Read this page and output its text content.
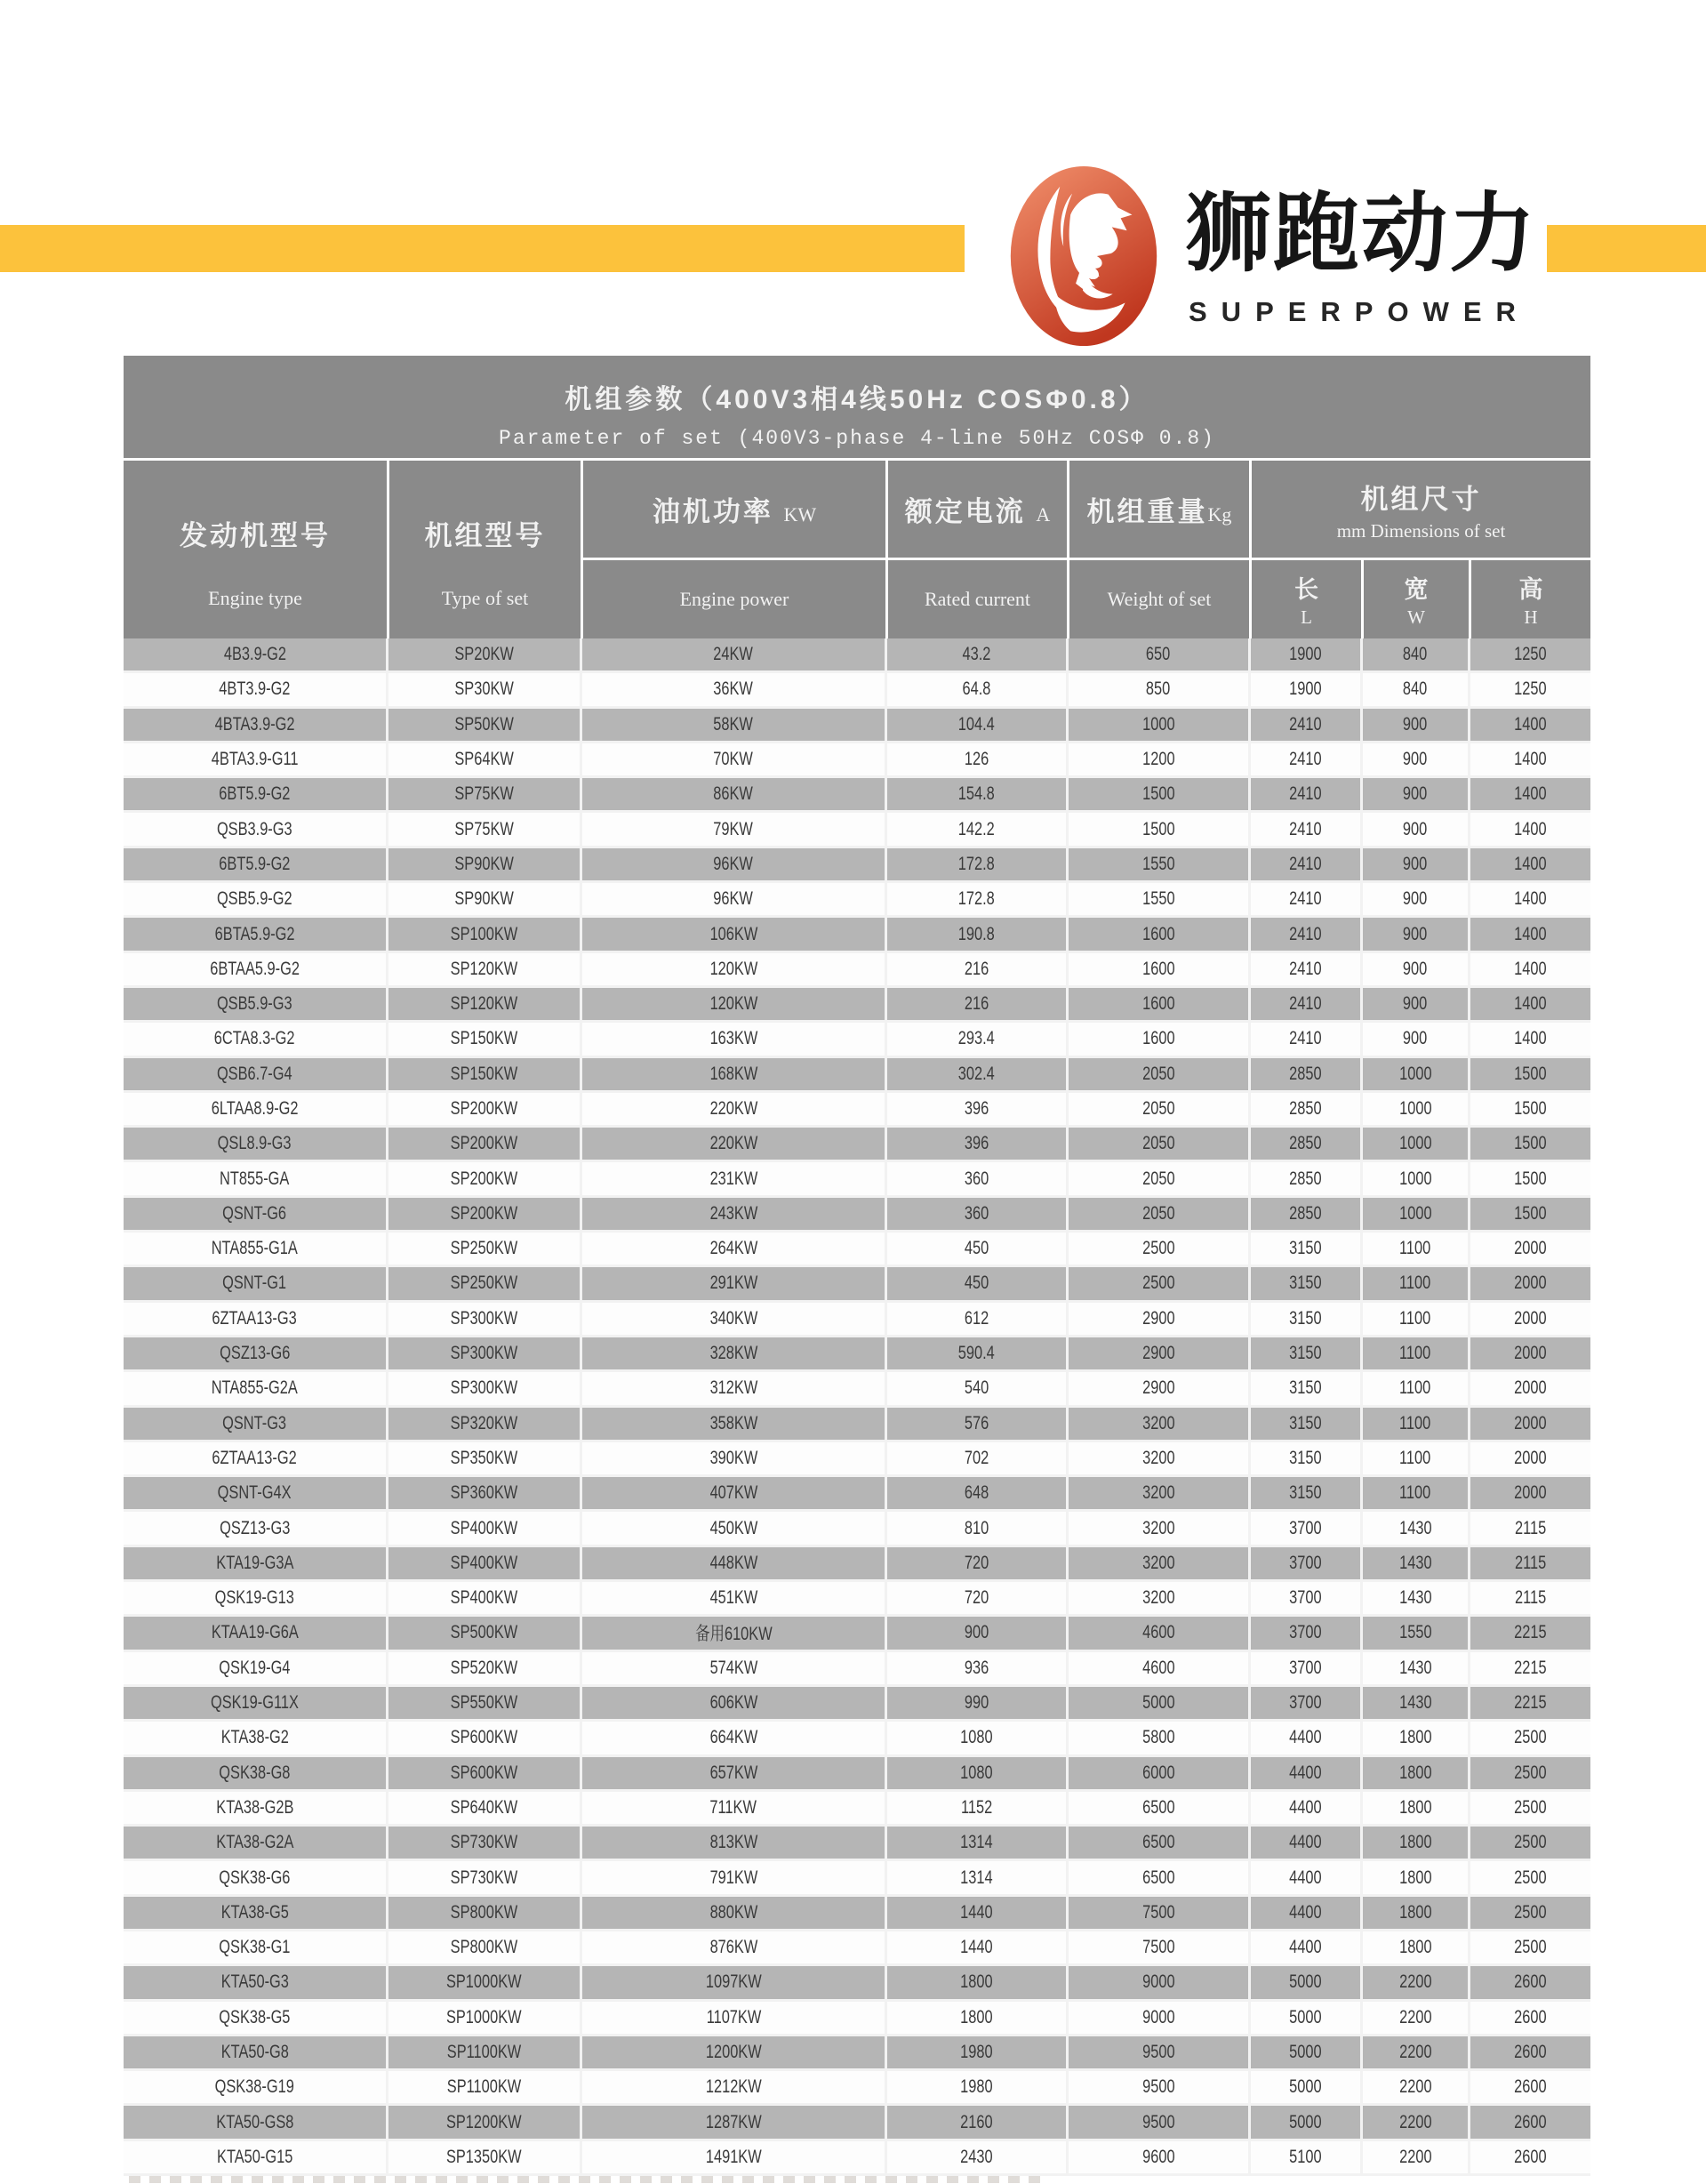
狮跑动力
SUPERPOWER
机组参数（400V3相4线50Hz COSΦ0.8）
Parameter of set (400V3-phase 4-line 50Hz COSΦ 0.8)
发动机型号
Engine type
机组型号
Type of set
油机功率 KW
Engine power
额定电流 A
Rated current
机组重量Kg
Weight of set
机组尺寸
mm Dimensions of set
长
L
宽
W
高
H
4B3.9-G2	SP20KW	24KW	43.2	650	1900	840	1250
4BT3.9-G2	SP30KW	36KW	64.8	850	1900	840	1250
4BTA3.9-G2	SP50KW	58KW	104.4	1000	2410	900	1400
4BTA3.9-G11	SP64KW	70KW	126	1200	2410	900	1400
6BT5.9-G2	SP75KW	86KW	154.8	1500	2410	900	1400
QSB3.9-G3	SP75KW	79KW	142.2	1500	2410	900	1400
6BT5.9-G2	SP90KW	96KW	172.8	1550	2410	900	1400
QSB5.9-G2	SP90KW	96KW	172.8	1550	2410	900	1400
6BTA5.9-G2	SP100KW	106KW	190.8	1600	2410	900	1400
6BTAA5.9-G2	SP120KW	120KW	216	1600	2410	900	1400
QSB5.9-G3	SP120KW	120KW	216	1600	2410	900	1400
6CTA8.3-G2	SP150KW	163KW	293.4	1600	2410	900	1400
QSB6.7-G4	SP150KW	168KW	302.4	2050	2850	1000	1500
6LTAA8.9-G2	SP200KW	220KW	396	2050	2850	1000	1500
QSL8.9-G3	SP200KW	220KW	396	2050	2850	1000	1500
NT855-GA	SP200KW	231KW	360	2050	2850	1000	1500
QSNT-G6	SP200KW	243KW	360	2050	2850	1000	1500
NTA855-G1A	SP250KW	264KW	450	2500	3150	1100	2000
QSNT-G1	SP250KW	291KW	450	2500	3150	1100	2000
6ZTAA13-G3	SP300KW	340KW	612	2900	3150	1100	2000
QSZ13-G6	SP300KW	328KW	590.4	2900	3150	1100	2000
NTA855-G2A	SP300KW	312KW	540	2900	3150	1100	2000
QSNT-G3	SP320KW	358KW	576	3200	3150	1100	2000
6ZTAA13-G2	SP350KW	390KW	702	3200	3150	1100	2000
QSNT-G4X	SP360KW	407KW	648	3200	3150	1100	2000
QSZ13-G3	SP400KW	450KW	810	3200	3700	1430	2115
KTA19-G3A	SP400KW	448KW	720	3200	3700	1430	2115
QSK19-G13	SP400KW	451KW	720	3200	3700	1430	2115
KTAA19-G6A	SP500KW	备用610KW	900	4600	3700	1550	2215
QSK19-G4	SP520KW	574KW	936	4600	3700	1430	2215
QSK19-G11X	SP550KW	606KW	990	5000	3700	1430	2215
KTA38-G2	SP600KW	664KW	1080	5800	4400	1800	2500
QSK38-G8	SP600KW	657KW	1080	6000	4400	1800	2500
KTA38-G2B	SP640KW	711KW	1152	6500	4400	1800	2500
KTA38-G2A	SP730KW	813KW	1314	6500	4400	1800	2500
QSK38-G6	SP730KW	791KW	1314	6500	4400	1800	2500
KTA38-G5	SP800KW	880KW	1440	7500	4400	1800	2500
QSK38-G1	SP800KW	876KW	1440	7500	4400	1800	2500
KTA50-G3	SP1000KW	1097KW	1800	9000	5000	2200	2600
QSK38-G5	SP1000KW	1107KW	1800	9000	5000	2200	2600
KTA50-G8	SP1100KW	1200KW	1980	9500	5000	2200	2600
QSK38-G19	SP1100KW	1212KW	1980	9500	5000	2200	2600
KTA50-GS8	SP1200KW	1287KW	2160	9500	5000	2200	2600
KTA50-G15	SP1350KW	1491KW	2430	9600	5100	2200	2600
